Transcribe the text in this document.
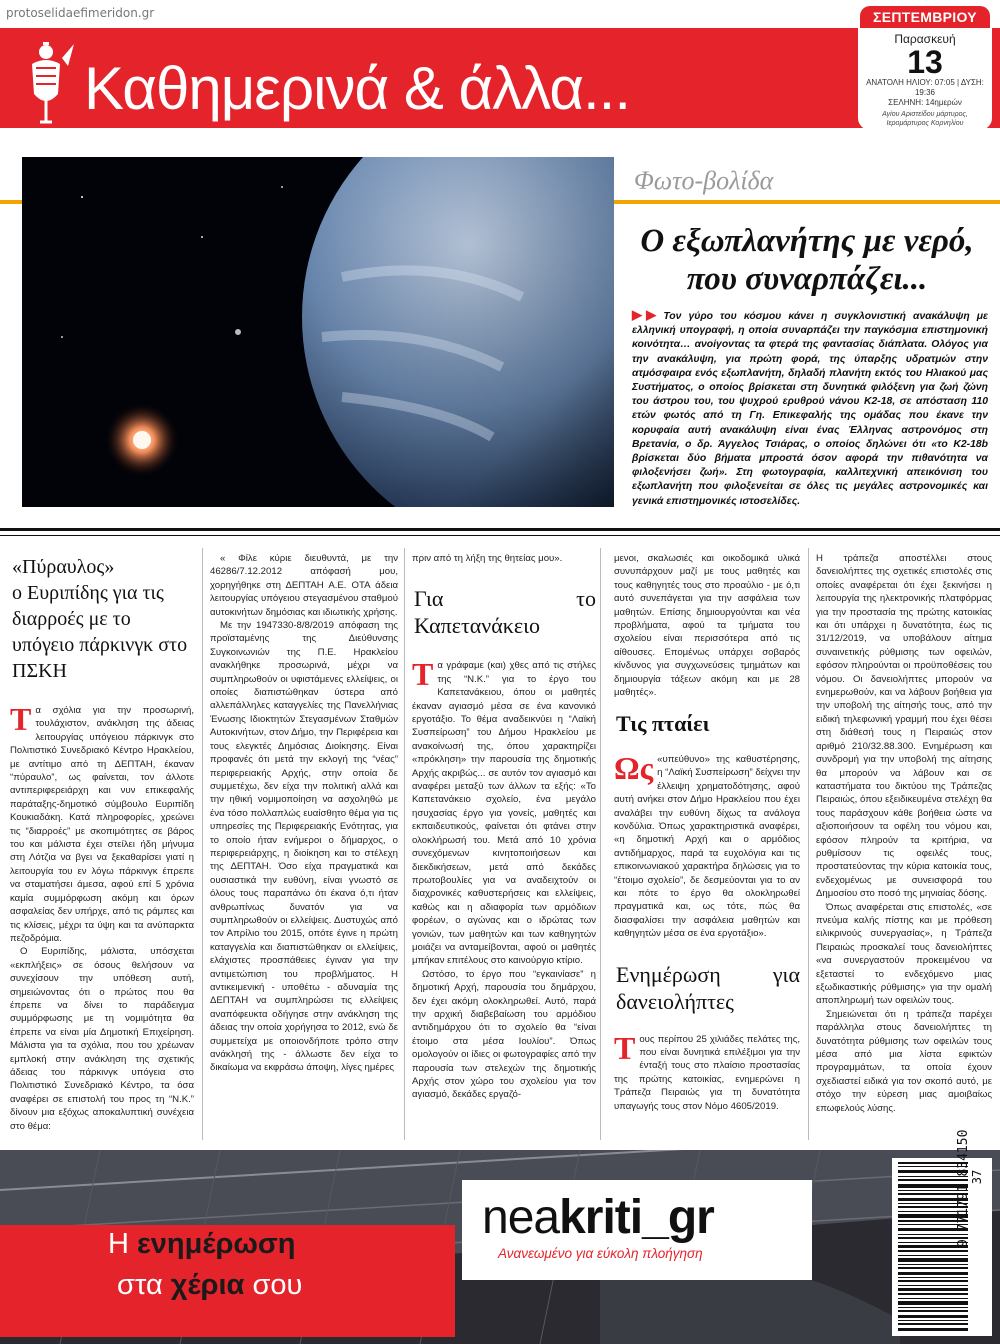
protoselidaefimeridon.gr
Καθημερινά & άλλα...
ΣΕΠΤΕΜΒΡΙΟΥ
Παρασκευή
13
ΑΝΑΤΟΛΗ ΗΛΙΟΥ: 07:05 | ΔΥΣΗ: 19:36
ΣΕΛΗΝΗ: 14ημερών
Αγίου Αριστείδου μάρτυρος, Ιερομάρτυρος Κορνηλίου
Φωτο-βολίδα
Ο εξωπλανήτης με νερό,
που συναρπάζει...
▶▶ Τον γύρο του κόσμου κάνει η συγκλονιστική ανακάλυψη με ελληνική υπογραφή, η οποία συναρπάζει την παγκόσμια επιστημονική κοινότητα… ανοίγοντας τα φτερά της φαντασίας διάπλατα. Ολόγος για την ανακάλυψη, για πρώτη φορά, της ύπαρξης υδρατμών στην ατμόσφαιρα ενός εξωπλανήτη, δηλαδή πλανήτη εκτός του Ηλιακού μας Συστήματος, ο οποίος βρίσκεται στη δυνητικά φιλόξενη για ζωή ζώνη του άστρου του, του ψυχρού ερυθρού νάνου K2-18, σε απόσταση 110 ετών φωτός από τη Γη. Επικεφαλής της ομάδας που έκανε την κορυφαία αυτή ανακάλυψη είναι ένας Έλληνας αστρονόμος στη Βρετανία, ο δρ. Άγγελος Τσιάρας, ο οποίος δηλώνει ότι «το K2-18b βρίσκεται δύο βήματα μπροστά όσον αφορά την πιθανότητα να φιλοξενήσει ζωή». Στη φωτογραφία, καλλιτεχνική απεικόνιση του εξωπλανήτη που φιλοξενείται σε όλες τις μεγάλες αστρονομικές και γενικά επιστημονικές ιστοσελίδες.
«Πύραυλος»
ο Ευριπίδης για τις διαρροές με το υπόγειο πάρκινγκ στο ΠΣΚΗ

Τα σχόλια για την προσωρινή, τουλάχιστον, ανάκληση της άδειας λειτουργίας υπόγειου πάρκινγκ στο Πολιτιστικό Συνεδριακό Κέντρο Ηρακλείου, με αντίτιμο από τη ΔΕΠΤΑΗ, έκαναν “πύραυλο”, ως φαίνεται, τον άλλοτε αντιπεριφερειάρχη και νυν επικεφαλής παράταξης-δημοτικό σύμβουλο Ευριπίδη Κουκιαδάκη. Κατά πληροφορίες, χρεώνει τις “διαρροές” με σκοπιμότητες σε βάρος του και μάλιστα έχει στείλει ήδη μήνυμα στη Λότζια να βγει να ξεκαθαρίσει γιατί η λειτουργία του εν λόγω πάρκινγκ έπρεπε να σταματήσει άμεσα, αφού επί 5 χρόνια καμία συμμόρφωση ακόμη και όρων ασφαλείας δεν υπήρχε, από τις ράμπες και τις κλίσεις, μέχρι τα ύψη και τα ανύπαρκτα πεζοδρόμια.

Ο Ευριπίδης, μάλιστα, υπόσχεται «εκπλήξεις» σε όσους θελήσουν να συνεχίσουν την υπόθεση αυτή, σημειώνοντας ότι ο πρώτος που θα έπρεπε να δίνει το παράδειγμα συμμόρφωσης με τη νομιμότητα θα έπρεπε να είναι μία Δημοτική Επιχείρηση. Μάλιστα για τα σχόλια, που του χρέωναν εμπλοκή στην ανάκληση της σχετικής άδειας του πάρκινγκ υπόγεια στο Πολιτιστικό Συνεδριακό Κέντρο, τα όσα αναφέρει σε επιστολή του προς τη “Ν.Κ.” δίνουν μια εξόχως αποκαλυπτική συνέχεια στο θέμα:

« Φίλε κύριε διευθυντά, με την 46286/7.12.2012 απόφασή μου, χορηγήθηκε στη ΔΕΠΤΑΗ Α.Ε. ΟΤΑ άδεια λειτουργίας υπόγειου στεγασμένου σταθμού αυτοκινήτων δημόσιας και ιδιωτικής χρήσης.

Με την 1947330-8/8/2019 απόφαση της προϊσταμένης της Διεύθυνσης Συγκοινωνιών της Π.Ε. Ηρακλείου ανακλήθηκε προσωρινά, μέχρι να συμπληρωθούν οι υφιστάμενες ελλείψεις, οι οποίες διαπιστώθηκαν ύστερα από αλλεπάλληλες καταγγελίες της Πανελλήνιας Ένωσης Ιδιοκτητών Στεγασμένων Σταθμών Αυτοκινήτων, στον Δήμο, την Περιφέρεια και τους ελεγκτές Δημόσιας Διοίκησης. Είναι προφανές ότι μετά την εκλογή της “νέας” περιφερειακής Αρχής, στην οποία δε συμμετέχω, δεν είχα την πολιτική αλλά και την ηθική νομιμοποίηση να ασχοληθώ με ένα τόσο πολλαπλώς ευαίσθητο θέμα για τις υπηρεσίες της Περιφερειακής Ενότητας, για το οποίο ήταν ενήμεροι ο δήμαρχος, ο περιφερειάρχης, η διοίκηση και το στέλεχη της ΔΕΠΤΑΗ. Όσο είχα πραγματικά και ουσιαστικά την ευθύνη, είναι γνωστό σε όλους τους παραπάνω ότι έκανα ό,τι ήταν ανθρωπίνως δυνατόν για να συμπληρωθούν οι ελλείψεις. Δυστυχώς από τον Απρίλιο του 2015, οπότε έγινε η πρώτη καταγγελία και διαπιστώθηκαν οι ελλείψεις, ελάχιστες προσπάθειες έγιναν για την αντιμετώπιση του προβλήματος. Η αντικειμενική - υποθέτω - αδυναμία της ΔΕΠΤΑΗ να συμπληρώσει τις ελλείψεις αναπόφευκτα οδήγησε στην ανάκληση της άδειας την οποία χορήγησα το 2012, ενώ δε συμμετείχα με οποιονδήποτε τρόπο στην ανάκλησή της - άλλωστε δεν είχα το δικαίωμα να εκφράσω άποψη, λίγες ημέρες

πριν από τη λήξη της θητείας μου».

Για το Καπετανάκειο

Τα γράφαμε (και) χθες από τις στήλες της “Ν.Κ.” για το έργο του Καπετανάκειου, όπου οι μαθητές έκαναν αγιασμό μέσα σε ένα κανονικό εργοτάξιο. Το θέμα αναδεικνύει η “Λαϊκή Συσπείρωση” του Δήμου Ηρακλείου με ανακοίνωσή της, όπου χαρακτηρίζει «πρόκληση» την παρουσία της δημοτικής Αρχής ακριβώς... σε αυτόν τον αγιασμό και αναφέρει μεταξύ των άλλων τα εξής: «Το Καπετανάκειο σχολείο, ένα μεγάλο ησυχασίας έργο για γονείς, μαθητές και εκπαιδευτικούς, φαίνεται ότι φτάνει στην ολοκλήρωσή του. Μετά από 10 χρόνια συνεχόμενων κινητοποιήσεων και διεκδικήσεων, μετά από δεκάδες πρωτοβουλίες για να αναδειχτούν οι διαχρονικές καθυστερήσεις και ελλείψεις, καθώς και η αδιαφορία των αρμόδιων φορέων, ο αγώνας και ο ιδρώτας των γονιών, των μαθητών και των καθηγητών μοιάζει να ανταμείβονται, αφού οι μαθητές μπήκαν επιτέλους στο καινούργιο κτίριο.

Ωστόσο, το έργο που “εγκαινίασε” η δημοτική Αρχή, παρουσία του δημάρχου, δεν έχει ακόμη ολοκληρωθεί. Αυτό, παρά την αρχική διαβεβαίωση του αρμόδιου αντιδημάρχου ότι το σχολείο θα “είναι έτοιμο στα μέσα Ιουλίου”. Όπως ομολογούν οι ίδιες οι φωτογραφίες από την παρουσία των στελεχών της δημοτικής Αρχής στον χώρο του σχολείου για τον αγιασμό, δεκάδες εργαζό-

μενοι, σκαλωσιές και οικοδομικά υλικά συνυπάρχουν μαζί με τους μαθητές και τους καθηγητές τους στο προαύλιο - με ό,τι αυτό συνεπάγεται για την ασφάλεια των μαθητών. Επίσης δημιουργούνται και νέα προβλήματα, αφού τα τμήματα του σχολείου είναι περισσότερα από τις αίθουσες. Επομένως υπάρχει σοβαρός κίνδυνος για συγχωνεύσεις τμημάτων και δημιουργία τάξεων ακόμη και με 28 μαθητές».

Τις πταίει

Ως «υπεύθυνο» της καθυστέρησης, η “Λαϊκή Συσπείρωση” δείχνει την έλλειψη χρηματοδότησης, αφού αυτή ανήκει στον Δήμο Ηρακλείου που έχει αναλάβει την ευθύνη δίχως τα ανάλογα κονδύλια. Όπως χαρακτηριστικά αναφέρει, «η δημοτική Αρχή και ο αρμόδιος αντιδήμαρχος, παρά τα ευχολόγια και τις επικοινωνιακού χαρακτήρα δηλώσεις για το “έτοιμο σχολείο”, δε δεσμεύονται για το αν και πότε το έργο θα ολοκληρωθεί πραγματικά και, ως τότε, πώς θα διασφαλίσει την ασφάλεια μαθητών και καθηγητών μέσα σε ένα εργοτάξιο».

Ενημέρωση για δανειολήπτες

Τους περίπου 25 χιλιάδες πελάτες της, που είναι δυνητικά επιλέξιμοι για την ένταξή τους στο πλαίσιο προστασίας της πρώτης κατοικίας, ενημερώνει η Τράπεζα Πειραιώς για τη δυνατότητα υπαγωγής τους στον Νόμο 4605/2019.

Η τράπεζα αποστέλλει στους δανειολήπτες της σχετικές επιστολές στις οποίες αναφέρεται ότι έχει ξεκινήσει η λειτουργία της ηλεκτρονικής πλατφόρμας για την προστασία της πρώτης κατοικίας και ότι υπάρχει η δυνατότητα, έως τις 31/12/2019, να υποβάλουν αίτημα συναινετικής ρύθμισης των οφειλών, εφόσον πληρούνται οι προϋποθέσεις του νόμου. Οι δανειολήπτες μπορούν να ενημερωθούν, και να λάβουν βοήθεια για την υποβολή της αίτησής τους, από την ειδική τηλεφωνική γραμμή που έχει θέσει στη διάθεσή τους η Πειραιώς στον αριθμό 210/32.88.300. Ενημέρωση και συνδρομή για την υποβολή της αίτησης θα μπορούν να λάβουν και σε καταστήματα του δικτύου της Τράπεζας Πειραιώς, όπου εξειδικευμένα στελέχη θα τους παράσχουν κάθε βοήθεια ώστε να αξιοποιήσουν τα οφέλη του νόμου και, εφόσον πληρούν τα κριτήρια, να ρυθμίσουν τις οφειλές τους, προστατεύοντας την κύρια κατοικία τους, ενδεχομένως με συνεισφορά του Δημοσίου στο ποσό της μηνιαίας δόσης.

Όπως αναφέρεται στις επιστολές, «σε πνεύμα καλής πίστης και με πρόθεση ειλικρινούς συνεργασίας», η Τράπεζα Πειραιώς προσκαλεί τους δανειολήπτες «να συνεργαστούν προκειμένου να εξεταστεί το ενδεχόμενο μιας εξωδικαστικής ρύθμισης» για την ομαλή αποπληρωμή των οφειλών τους.

Σημειώνεται ότι η τράπεζα παρέχει παράλληλα στους δανειολήπτες τη δυνατότητα ρύθμισης των οφειλών τους μέσα από μια λίστα εφικτών προγραμμάτων, τα οποία έχουν σχεδιαστεί ειδικά για τον σκοπό αυτό, με στόχο την εύρεση μιας αμοιβαίως επωφελούς λύσης.

Η ενημέρωση
στα χέρια σου
neakriti_gr
Ανανεωμένο για εύκολη πλοήγηση
9 771791 834150 37
